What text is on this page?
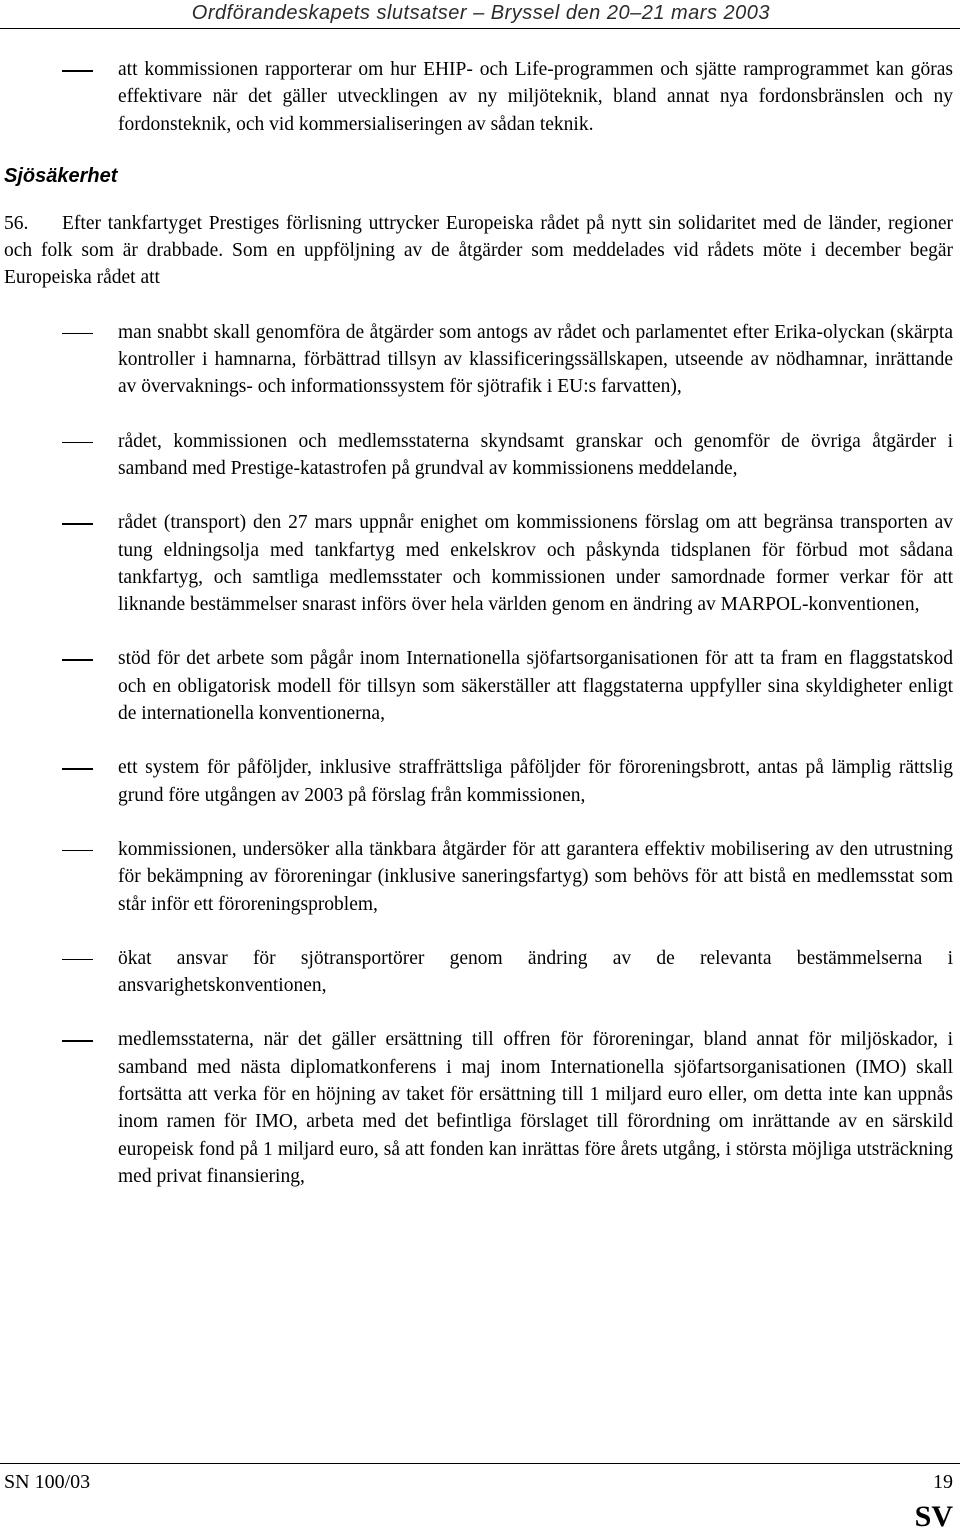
Ordförandeskapets slutsatser – Bryssel den 20–21 mars 2003

att kommissionen rapporterar om hur EHIP- och Life-programmen och sjätte ramprogrammet kan göras effektivare när det gäller utvecklingen av ny miljöteknik, bland annat nya fordonsbränslen och ny fordonsteknik, och vid kommersialiseringen av sådan teknik.

Sjösäkerhet

56.	Efter tankfartyget Prestiges förlisning uttrycker Europeiska rådet på nytt sin solidaritet med de länder, regioner och folk som är drabbade. Som en uppföljning av de åtgärder som meddelades vid rådets möte i december begär Europeiska rådet att

man snabbt skall genomföra de åtgärder som antogs av rådet och parlamentet efter Erika-olyckan (skärpta kontroller i hamnarna, förbättrad tillsyn av klassificeringssällskapen, utseende av nödhamnar, inrättande av övervaknings- och informationssystem för sjötrafik i EU:s farvatten),

rådet, kommissionen och medlemsstaterna skyndsamt granskar och genomför de övriga åtgärder i samband med Prestige-katastrofen på grundval av kommissionens meddelande,

rådet (transport) den 27 mars uppnår enighet om kommissionens förslag om att begränsa transporten av tung eldningsolja med tankfartyg med enkelskrov och påskynda tidsplanen för förbud mot sådana tankfartyg, och samtliga medlemsstater och kommissionen under samordnade former verkar för att liknande bestämmelser snarast införs över hela världen genom en ändring av MARPOL-konventionen,

stöd för det arbete som pågår inom Internationella sjöfartsorganisationen för att ta fram en flaggstatskod och en obligatorisk modell för tillsyn som säkerställer att flaggstaterna uppfyller sina skyldigheter enligt de internationella konventionerna,

ett system för påföljder, inklusive straffrättsliga påföljder för föroreningsbrott, antas på lämplig rättslig grund före utgången av 2003 på förslag från kommissionen,

kommissionen, undersöker alla tänkbara åtgärder för att garantera effektiv mobilisering av den utrustning för bekämpning av föroreningar (inklusive saneringsfartyg) som behövs för att bistå en medlemsstat som står inför ett föroreningsproblem,

ökat ansvar för sjötransportörer genom ändring av de relevanta bestämmelserna i ansvarighetskonventionen,

medlemsstaterna, när det gäller ersättning till offren för föroreningar, bland annat för miljöskador, i samband med nästa diplomatkonferens i maj inom Internationella sjöfartsorganisationen (IMO) skall fortsätta att verka för en höjning av taket för ersättning till 1 miljard euro eller, om detta inte kan uppnås inom ramen för IMO, arbeta med det befintliga förslaget till förordning om inrättande av en särskild europeisk fond på 1 miljard euro, så att fonden kan inrättas före årets utgång, i största möjliga utsträckning med privat finansiering,

SN 100/03	19
SV
